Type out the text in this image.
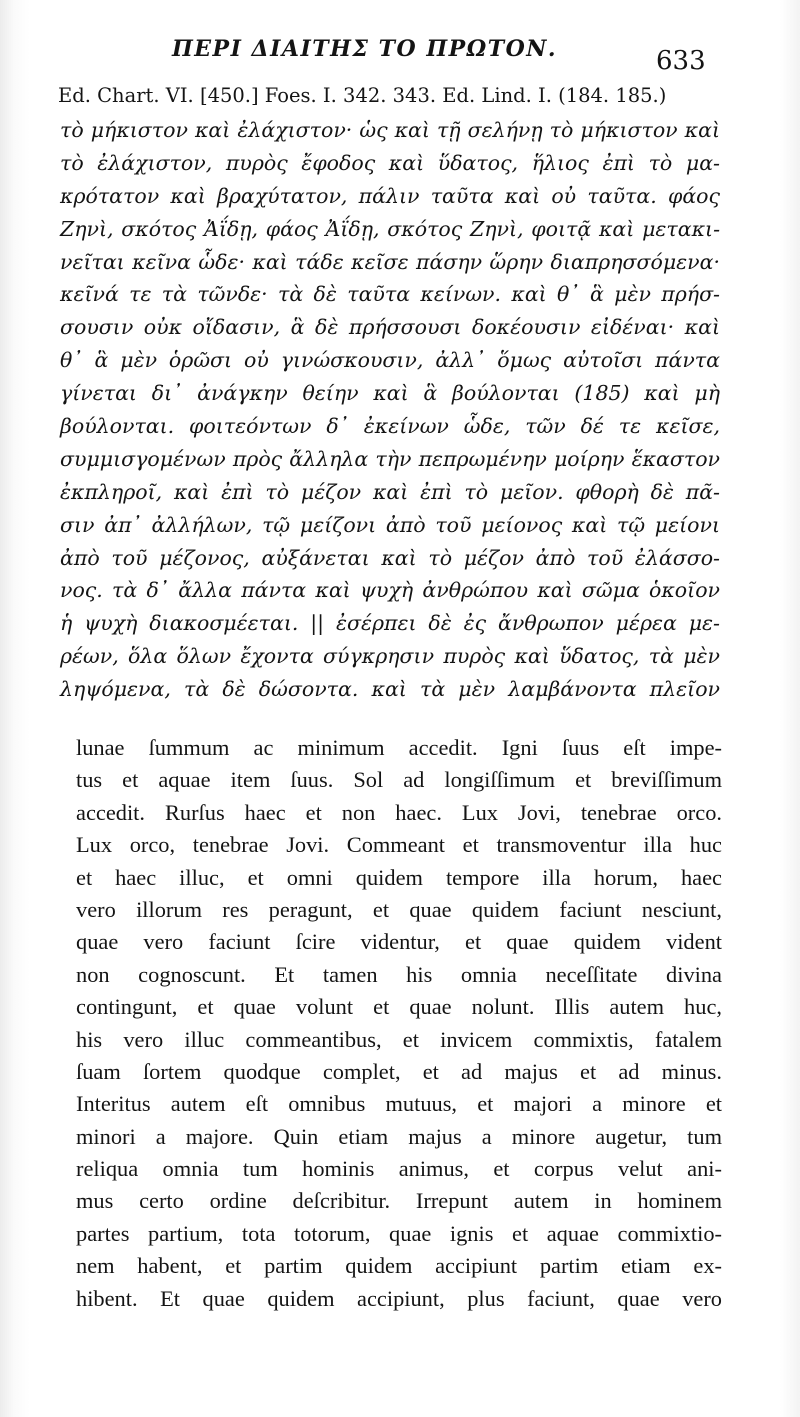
ΠΕΡΙ ΔΙΑΙΤΗΣ ΤΟ ΠΡΩΤΟΝ.	633
Ed. Chart. VI. [450.] Foes. I. 342. 343. Ed. Lind. I. (184. 185.)
τὸ μήκιστον καὶ ἐλάχιστον· ὡς καὶ τῇ σελήνῃ τὸ μήκιστον καὶ
τὸ ἐλάχιστον, πυρὸς ἔφοδος καὶ ὕδατος, ἥλιος ἐπὶ τὸ μα-
κρότατον καὶ βραχύτατον, πάλιν ταῦτα καὶ οὐ ταῦτα. φάος
Ζηνὶ, σκότος Ἀΐδῃ, φάος Ἀΐδῃ, σκότος Ζηνὶ, φοιτᾷ καὶ μετακι-
νεῖται κεῖνα ὧδε· καὶ τάδε κεῖσε πάσην ὥρην διαπρησσόμενα·
κεῖνά τε τὰ τῶνδε· τὰ δὲ ταῦτα κείνων. καὶ θ᾽ ἃ μὲν πρήσ-
σουσιν οὐκ οἴδασιν, ἃ δὲ πρήσσουσι δοκέουσιν εἰδέναι· καὶ
θ᾽ ἃ μὲν ὁρῶσι οὐ γινώσκουσιν, ἀλλ᾽ ὅμως αὐτοῖσι πάντα
γίνεται δι᾽ ἀνάγκην θείην καὶ ἃ βούλονται (185) καὶ μὴ
βούλονται. φοιτεόντων δ᾽ ἐκείνων ὧδε, τῶν δέ τε κεῖσε,
συμμισγομένων πρὸς ἄλληλα τὴν πεπρωμένην μοίρην ἕκαστον
ἐκπληροῖ, καὶ ἐπὶ τὸ μέζον καὶ ἐπὶ τὸ μεῖον. φθορὴ δὲ πᾶ-
σιν ἀπ᾽ ἀλλήλων, τῷ μείζονι ἀπὸ τοῦ μείονος καὶ τῷ μείονι
ἀπὸ τοῦ μέζονος, αὐξάνεται καὶ τὸ μέζον ἀπὸ τοῦ ἐλάσσο-
νος. τὰ δ᾽ ἄλλα πάντα καὶ ψυχὴ ἀνθρώπου καὶ σῶμα ὁκοῖον
ἡ ψυχὴ διακοσμέεται. || ἐσέρπει δὲ ἐς ἄνθρωπον μέρεα με-
ρέων, ὅλα ὅλων ἔχοντα σύγκρησιν πυρὸς καὶ ὕδατος, τὰ μὲν
ληψόμενα, τὰ δὲ δώσοντα. καὶ τὰ μὲν λαμβάνοντα πλεῖον
lunae ſummum ac minimum accedit. Igni ſuus eſt impe-
tus et aquae item ſuus. Sol ad longiſſimum et breviſſimum
accedit. Rurſus haec et non haec. Lux Jovi, tenebrae orco.
Lux orco, tenebrae Jovi. Commeant et transmoventur illa huc
et haec illuc, et omni quidem tempore illa horum, haec
vero illorum res peragunt, et quae quidem faciunt nesciunt,
quae vero faciunt ſcire videntur, et quae quidem vident
non cognoscunt. Et tamen his omnia neceſſitate divina
contingunt, et quae volunt et quae nolunt. Illis autem huc,
his vero illuc commeantibus, et invicem commixtis, fatalem
ſuam ſortem quodque complet, et ad majus et ad minus.
Interitus autem eſt omnibus mutuus, et majori a minore et
minori a majore. Quin etiam majus a minore augetur, tum
reliqua omnia tum hominis animus, et corpus velut ani-
mus certo ordine deſcribitur. Irrepunt autem in hominem
partes partium, tota totorum, quae ignis et aquae commixtio-
nem habent, et partim quidem accipiunt partim etiam ex-
hibent. Et quae quidem accipiunt, plus faciunt, quae vero
